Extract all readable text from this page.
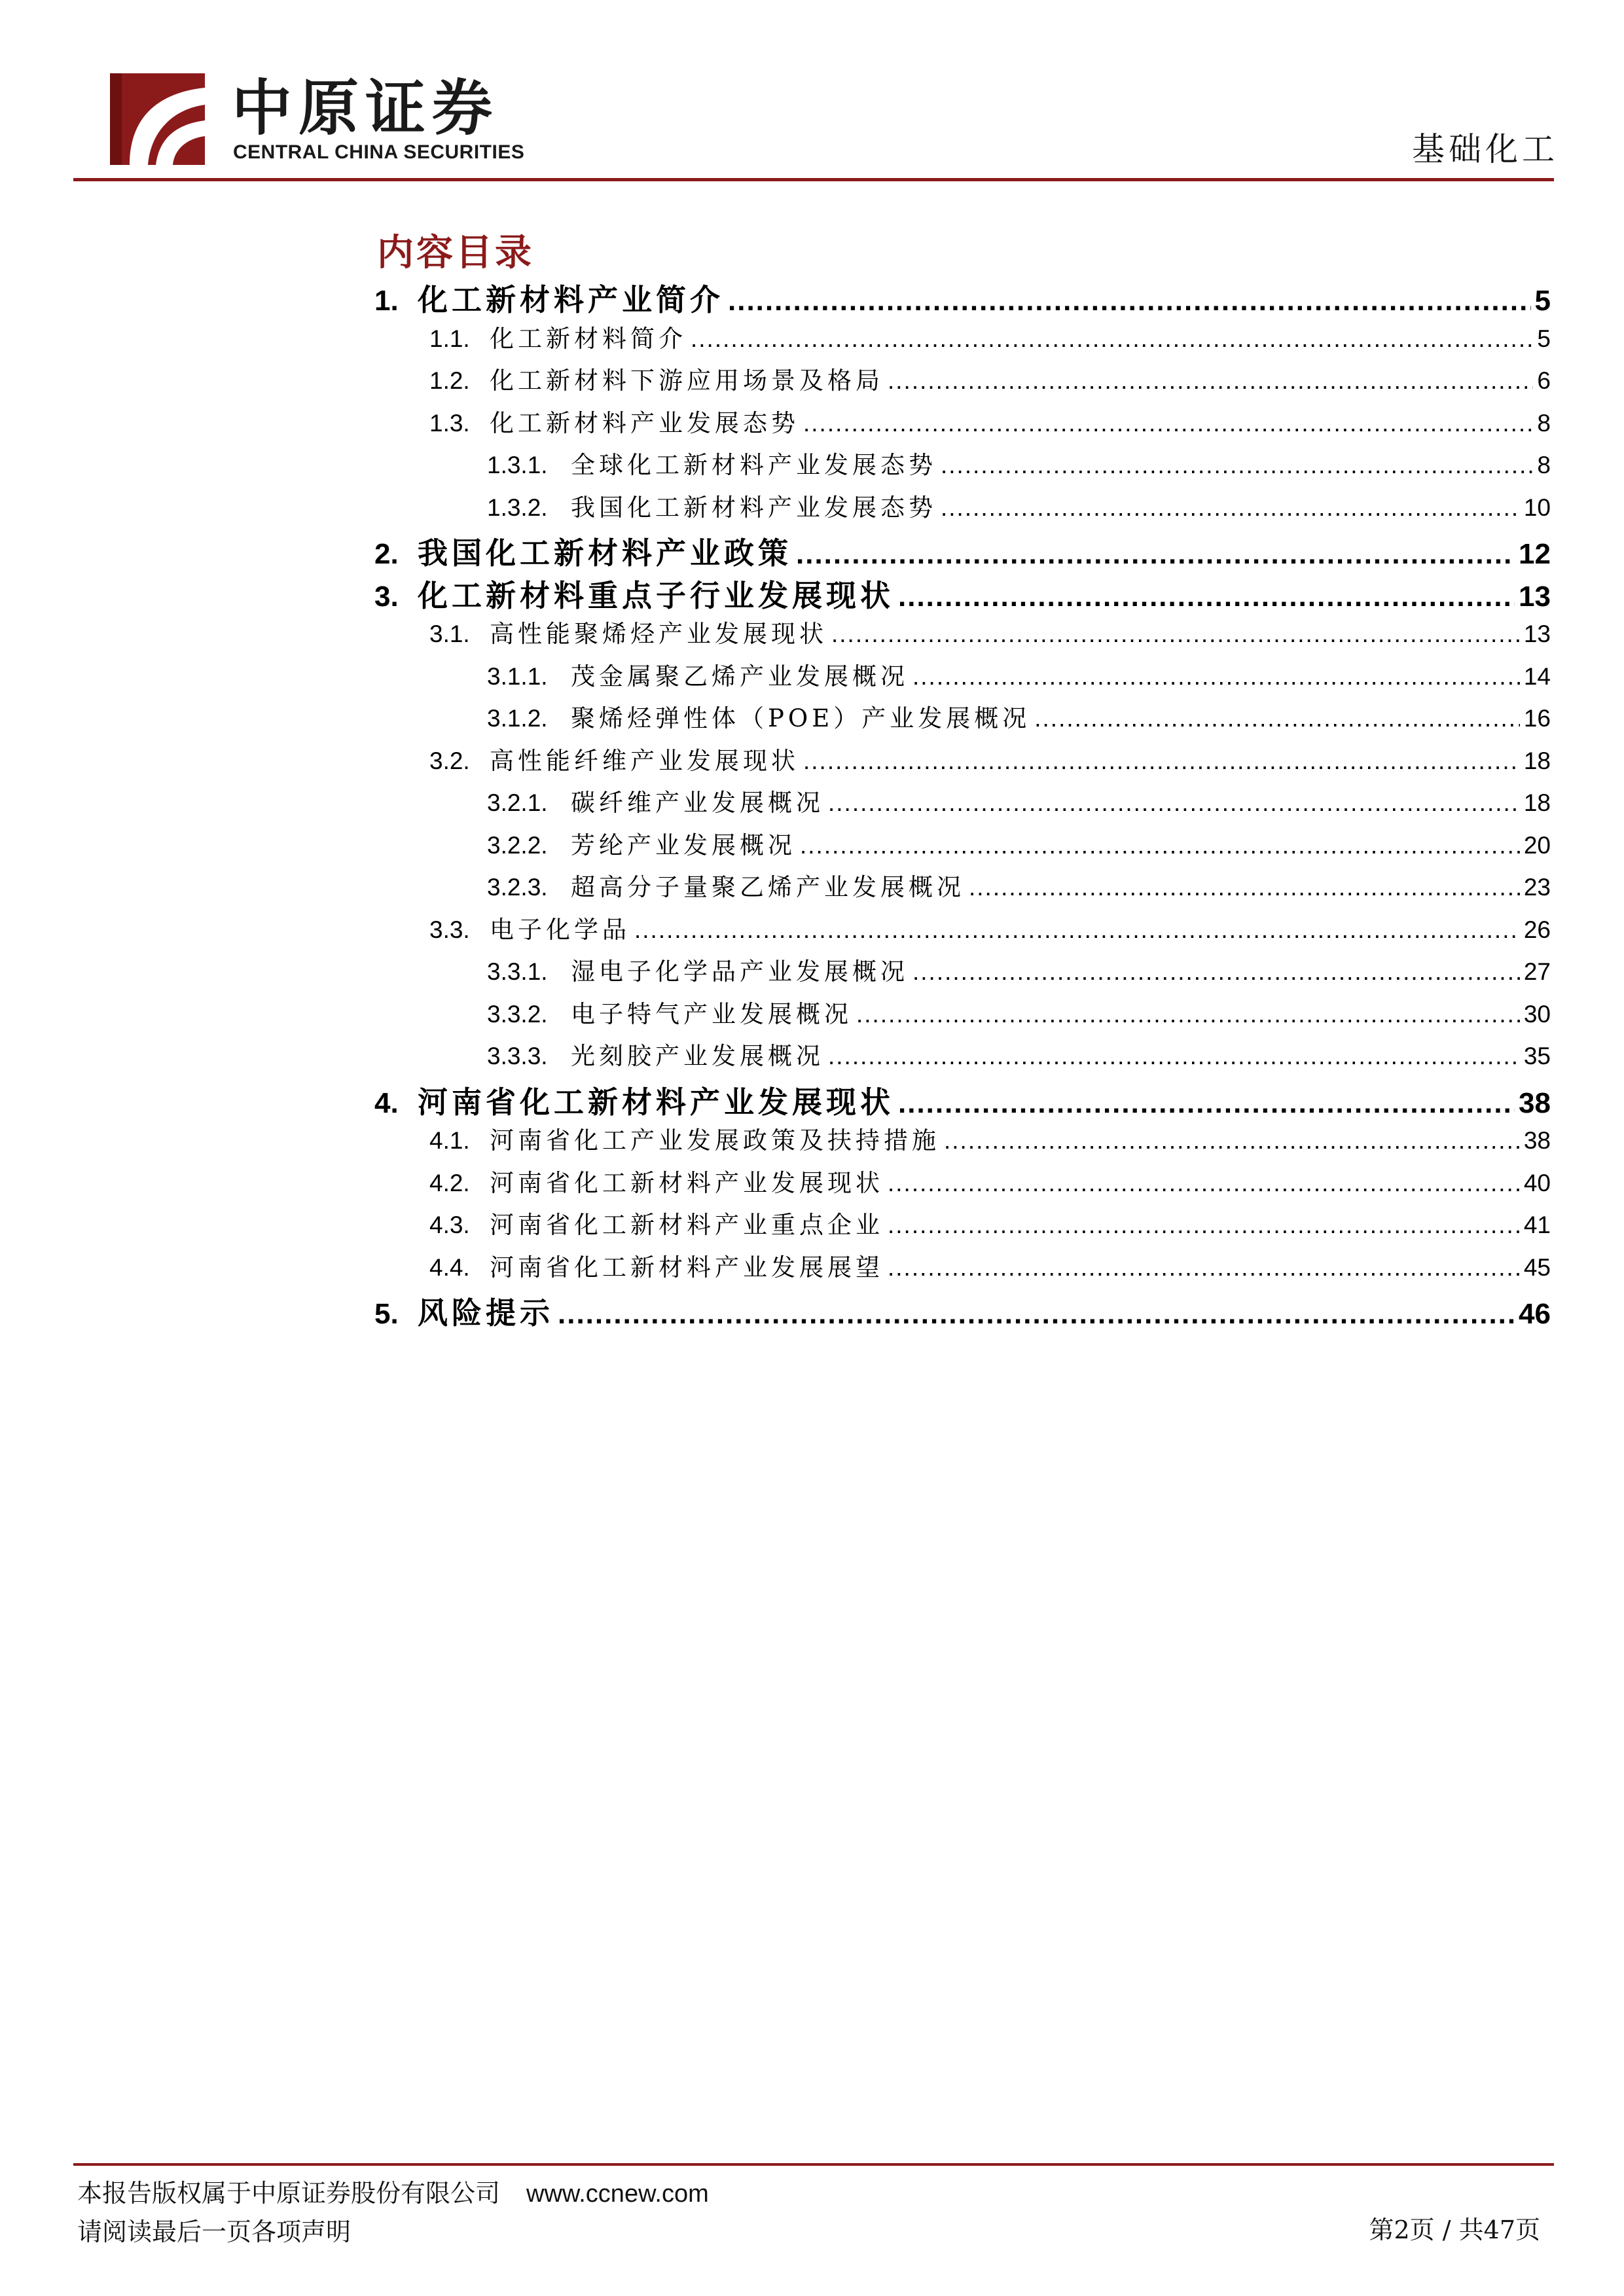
中原证券
CENTRAL CHINA SECURITIES	基础化工
内容目录
1. 化工新材料产业简介 .....	5
1.1. 化工新材料简介 .....	5
1.2. 化工新材料下游应用场景及格局 .....	6
1.3. 化工新材料产业发展态势 .....	8
1.3.1. 全球化工新材料产业发展态势 .....	8
1.3.2. 我国化工新材料产业发展态势 .....	10
2. 我国化工新材料产业政策 .....	12
3. 化工新材料重点子行业发展现状 .....	13
3.1. 高性能聚烯烃产业发展现状 .....	13
3.1.1. 茂金属聚乙烯产业发展概况 .....	14
3.1.2. 聚烯烃弹性体（POE）产业发展概况 .....	16
3.2. 高性能纤维产业发展现状 .....	18
3.2.1. 碳纤维产业发展概况 .....	18
3.2.2. 芳纶产业发展概况 .....	20
3.2.3. 超高分子量聚乙烯产业发展概况 .....	23
3.3. 电子化学品 .....	26
3.3.1. 湿电子化学品产业发展概况 .....	27
3.3.2. 电子特气产业发展概况 .....	30
3.3.3. 光刻胶产业发展概况 .....	35
4. 河南省化工新材料产业发展现状 .....	38
4.1. 河南省化工产业发展政策及扶持措施 .....	38
4.2. 河南省化工新材料产业发展现状 .....	40
4.3. 河南省化工新材料产业重点企业 .....	41
4.4. 河南省化工新材料产业发展展望 .....	45
5. 风险提示 .....	46
本报告版权属于中原证券股份有限公司 www.ccnew.com
请阅读最后一页各项声明	第2页 / 共47页
